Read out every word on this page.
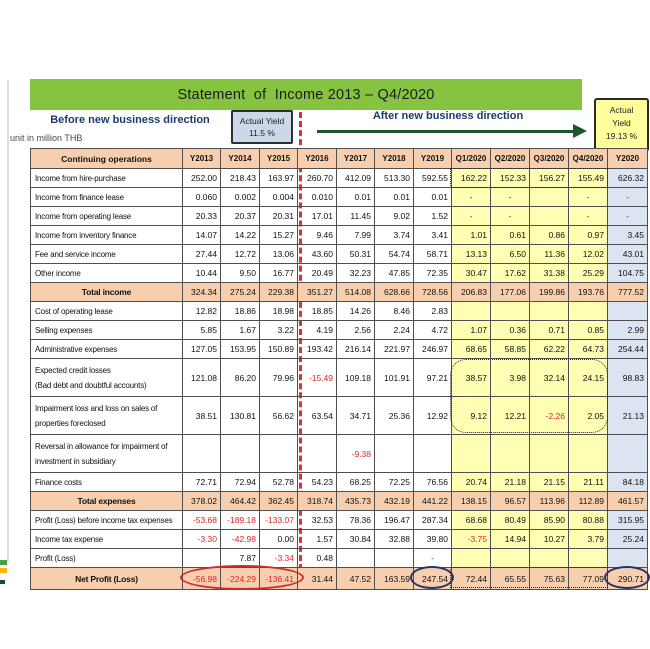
Statement  of  Income 2013 – Q4/2020
Before new business direction	Actual Yield
11.5 %
After new business direction	Actual
Yield
19.13 %
unit in million THB
Continuing operations	Y2013	Y2014	Y2015	Y2016	Y2017	Y2018	Y2019	Q1/2020	Q2/2020	Q3/2020	Q4/2020	Y2020

Income from hire-purchase	252.00	218.43	163.97	260.70	412.09	513.30	592.55	162.22	152.33	156.27	155.49	626.32

Income from finance lease	0.060	0.002	0.004	0.010	0.01	0.01	0.01	-	-		-	-

Income from operating lease	20.33	20.37	20.31	17.01	11.45	9.02	1.52	-	-		-	-

Income from inventory finance	14.07	14.22	15.27	9.46	7.99	3.74	3.41	1.01	0.61	0.86	0.97	3.45

Fee and service income	27.44	12.72	13.06	43.60	50.31	54.74	58.71	13.13	6.50	11.36	12.02	43.01

Other income	10.44	9.50	16.77	20.49	32.23	47.85	72.35	30.47	17.62	31.38	25.29	104.75

Total income	324.34	275.24	229.38	351.27	514.08	628.66	728.56	206.83	177.06	199.86	193.76	777.52

Cost of operating lease	12.82	18.86	18.98	18.85	14.26	8.46	2.83					

Selling expenses	5.85	1.67	3.22	4.19	2.56	2.24	4.72	1.07	0.36	0.71	0.85	2.99

Administrative expenses	127.05	153.95	150.89	193.42	216.14	221.97	246.97	68.65	58.85	62.22	64.73	254.44

Expected credit losses
(Bad debt and doubtful accounts)	121.08	86.20	79.96	-15.49	109.18	101.91	97.21	38.57	3.98	32.14	24.15	98.83

Impairment loss and loss on sales of
properties foreclosed	38.51	130.81	56.62	63.54	34.71	25.36	12.92	9.12	12.21	-2.26	2.05	21.13

Reversal in allowance for impairment of
investment in subsidiary					-9.38							

Finance costs	72.71	72.94	52.78	54.23	68.25	72.25	76.56	20.74	21.18	21.15	21.11	84.18

Total expenses	378.02	464.42	362.45	318.74	435.73	432.19	441.22	138.15	96.57	113.96	112.89	461.57

Profit (Loss) before income tax expenses	-53.68	-189.18	-133.07	32.53	78.36	196.47	287.34	68.68	80.49	85.90	80.88	315.95

Income tax expense	-3.30	-42.98	0.00	1.57	30.84	32.88	39.80	-3.75	14.94	10.27	3.79	25.24

Profit (Loss)		7.87	-3.34	0.48			-					

Net Profit (Loss)	-56.98	-224.29	-136.41	31.44	47.52	163.59	247.54	72.44	65.55	75.63	77.09	290.71
